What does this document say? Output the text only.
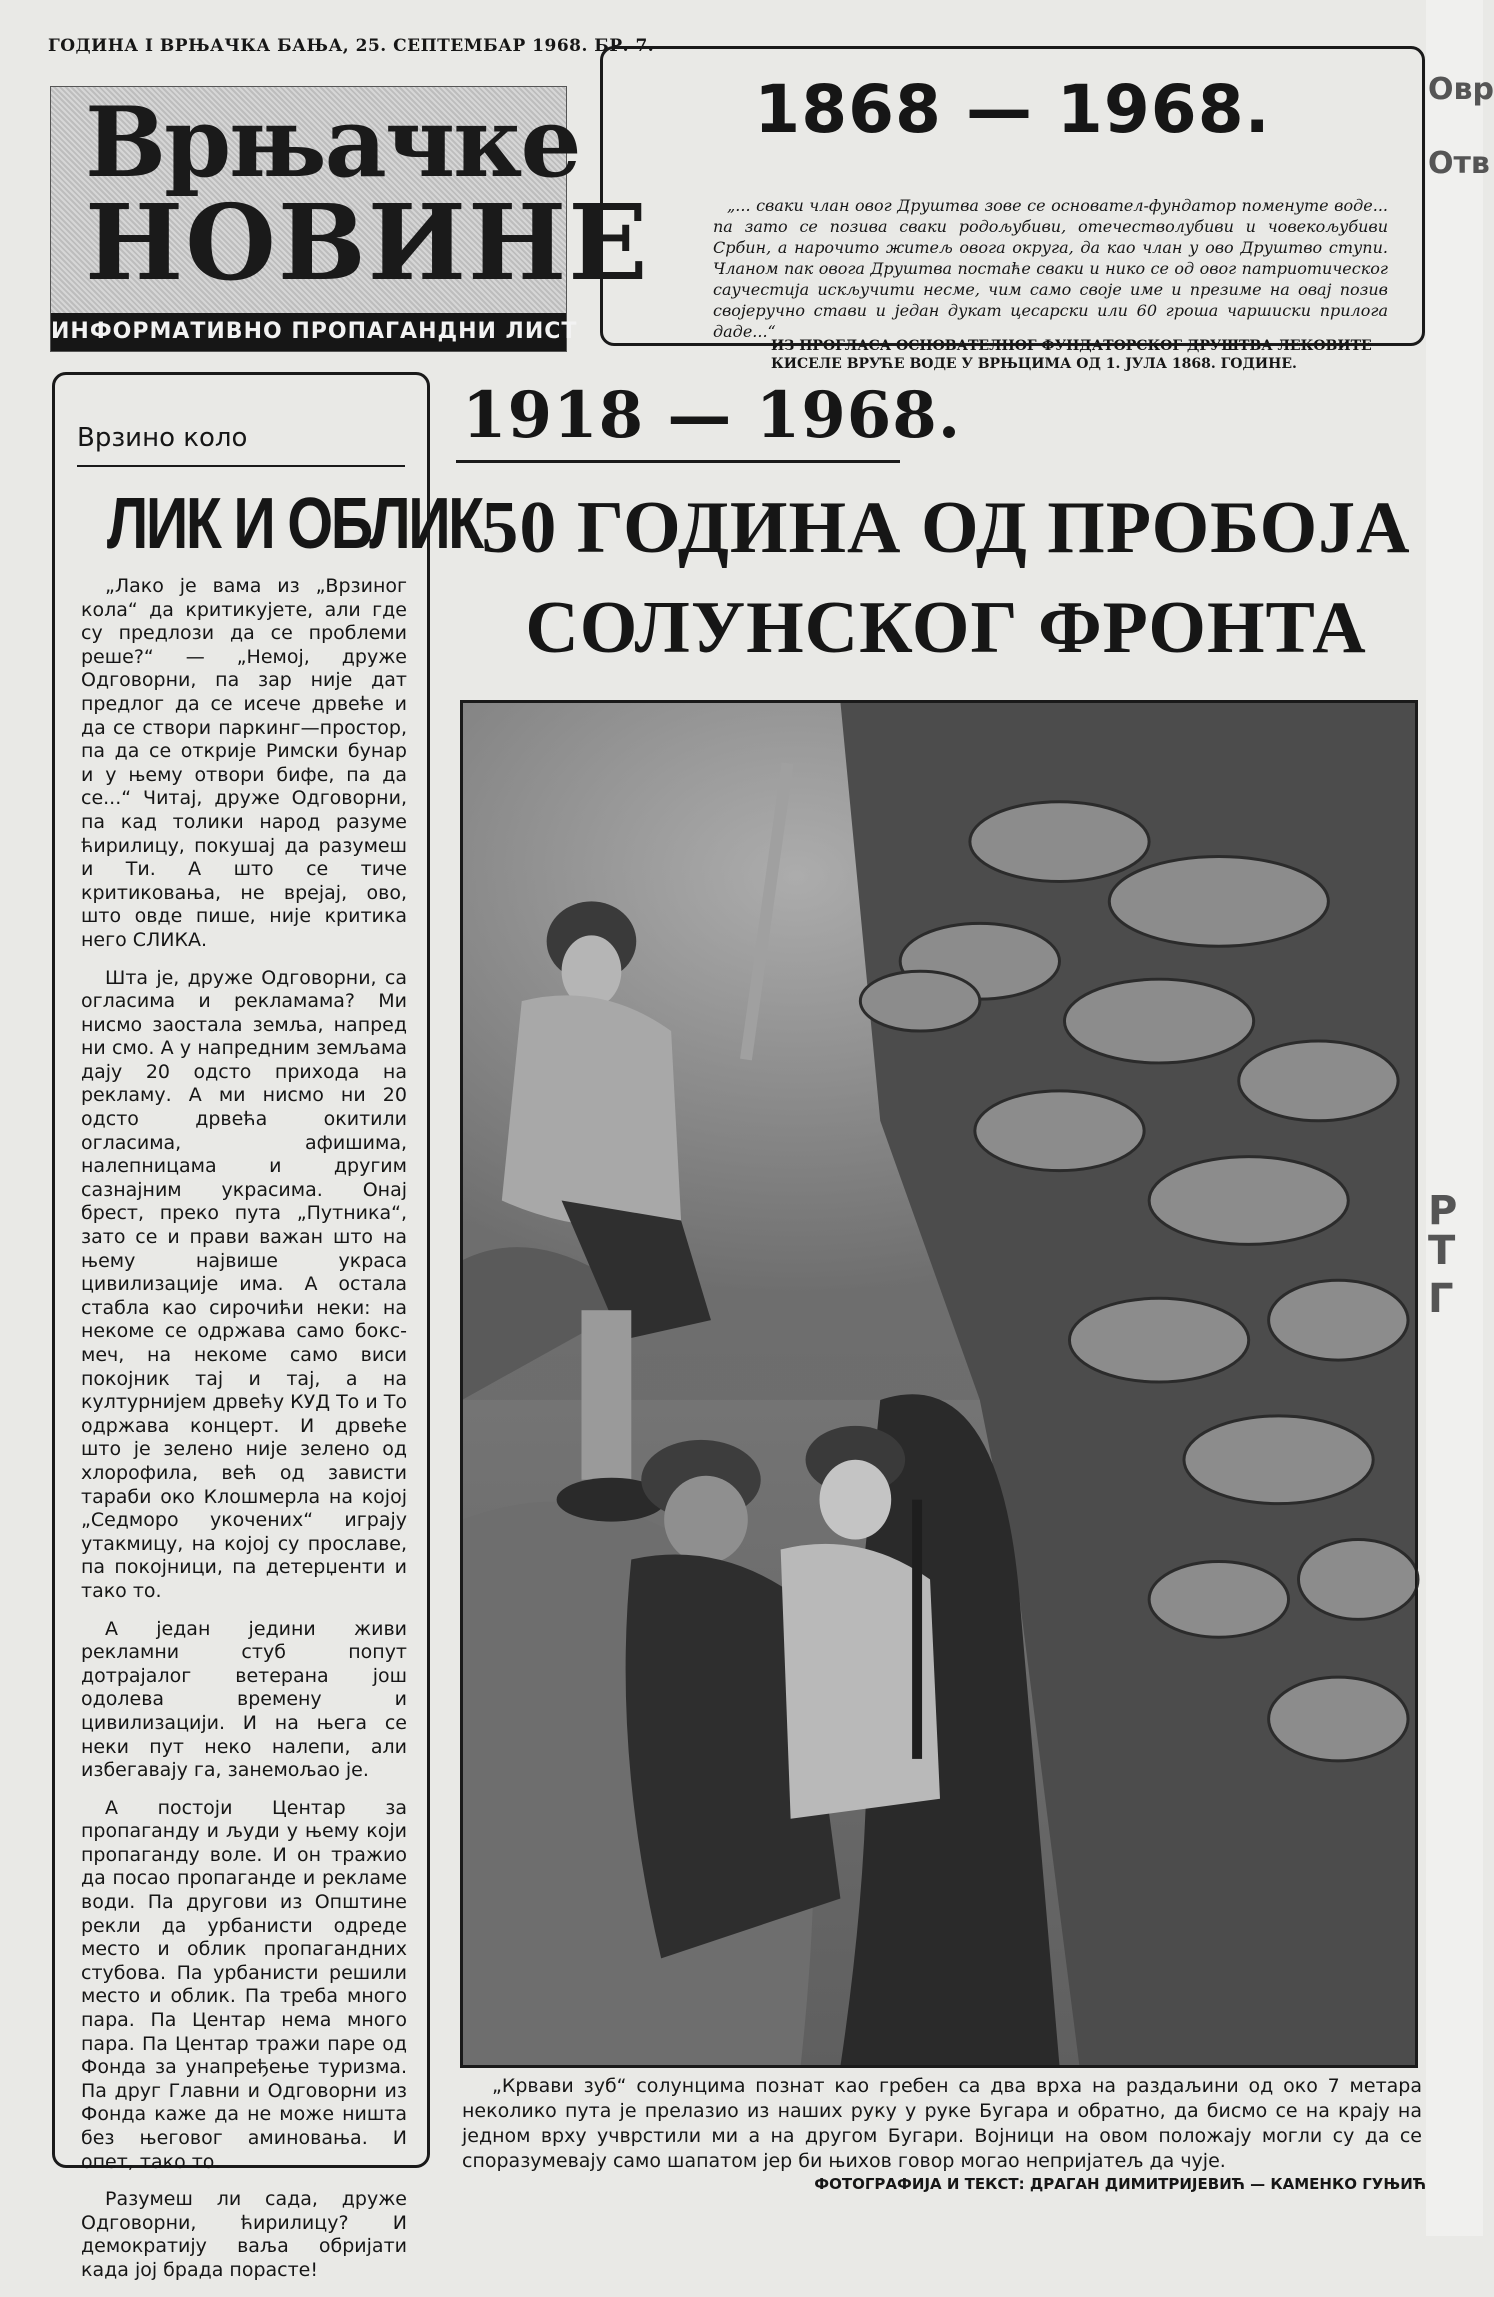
ГОДИНА I ВРЊАЧКА БАЊА, 25. СЕПТЕМБАР 1968. БР. 7.
Врњачке
НОВИНЕ
ИНФОРМАТИВНО ПРОПАГАНДНИ ЛИСТ
1868 — 1968.
„... сваки члан овог Друштва зове се основател-фундатор поменуте воде... па зато се позива сваки родољубиви, отечестволубиви и човекољубиви Србин, а нарочито житељ овога округа, да као члан у ово Друштво ступи. Чланом пак овога Друштва постаће сваки и нико се од овог патриотическог саучестија искључити несме, чим само своје име и презиме на овај позив својеручно стави и један дукат цесарски или 60 гроша чаршиски прилога даде...“
ИЗ ПРОГЛАСА ОСНОВАТЕЛНОГ ФУНДАТОРСКОГ ДРУШТВА ЛЕКОВИТЕ КИСЕЛЕ ВРУЋЕ ВОДЕ У ВРЊЦИМА ОД 1. ЈУЛА 1868. ГОДИНЕ.
Врзино коло
ЛИК И ОБЛИК

„Лако је вама из „Врзиног кола“ да критикујете, али где су предлози да се проблеми реше?“ — „Немој, друже Одговорни, па зар није дат предлог да се исече дрвеће и да се створи паркинг—простор, па да се открије Римски бунар и у њему отвори бифе, па да се...“ Читај, друже Одговорни, па кад толики народ разуме ћирилицу, покушај да разумеш и Ти. А што се тиче критиковања, не врејај, ово, што овде пише, није критика него СЛИКА.

Шта је, друже Одговорни, са огласима и рекламама? Ми нисмо заостала земља, напред ни смо. А у напредним земљама дају 20 одсто прихода на рекламу. А ми нисмо ни 20 одсто дрвећа окитили огласима, афишима, налепницама и другим сазнајним украсима. Онај брест, преко пута „Путника“, зато се и прави важан што на њему највише украса цивилизације има. А остала стабла као сирочићи неки: на некоме се одржава само бокс-меч, на некоме само виси покојник тај и тај, а на културнијем дрвећу КУД То и То одржава концерт. И дрвеће што је зелено није зелено од хлорофила, већ од зависти тараби око Клошмерла на којој „Седморо укочених“ играју утакмицу, на којој су прославе, па покојници, па детерџенти и тако то.

А један једини живи рекламни стуб попут дотрајалог ветерана још одолева времену и цивилизацији. И на њега се неки пут неко налепи, али избегавају га, занемољао је.

А постоји Центар за пропаганду и људи у њему који пропаганду воле. И он тражио да посао пропаганде и рекламе води. Па другови из Општине рекли да урбанисти одреде место и облик пропагандних стубова. Па урбанисти решили место и облик. Па треба много пара. Па Центар нема много пара. Па Центар тражи паре од Фонда за унапређење туризма. Па друг Главни и Одговорни из Фонда каже да не може ништа без његовог аминовања. И опет, тако то.

Разумеш ли сада, друже Одговорни, ћирилицу? И демократију ваља обријати када јој брада порасте!

1918 — 1968.
50 ГОДИНА ОД ПРОБОЈА
СОЛУНСКОГ ФРОНТА
„Крвави зуб“ солунцима познат као гребен са два врха на раздаљини од око 7 метара неколико пута је прелазио из наших руку у руке Бугара и обратно, да бисмо се на крају на једном врху учврстили ми а на другом Бугари. Војници на овом положају могли су да се споразумевају само шапатом јер би њихов говор могао непријатељ да чује.
ФОТОГРАФИЈА И ТЕКСТ: ДРАГАН ДИМИТРИЈЕВИЋ — КАМЕНКО ГУЊИЋ
Овр
Отв
Р
Т
Г
